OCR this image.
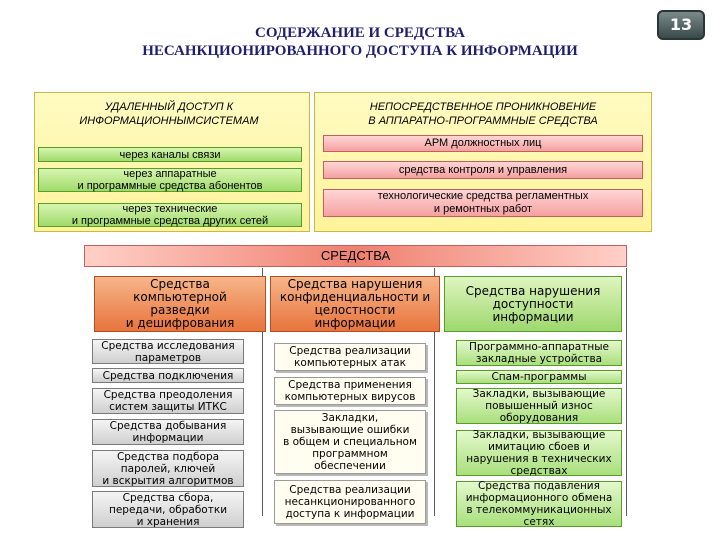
СОДЕРЖАНИЕ И СРЕДСТВА
НЕСАНКЦИОНИРОВАННОГО ДОСТУПА К ИНФОРМАЦИИ
13
УДАЛЕННЫЙ ДОСТУП К
ИНФОРМАЦИОННЫМСИСТЕМАМ
через каналы связи
через аппаратные
и программные средства абонентов
через технические
и программные средства других сетей
НЕПОСРЕДСТВЕННОЕ ПРОНИКНОВЕНИЕ
В АППАРАТНО-ПРОГРАММНЫЕ СРЕДСТВА
АРМ должностных лиц
средства контроля и управления
технологические средства регламентных
и ремонтных работ
СРЕДСТВА
Средства
компьютерной
разведки
и дешифрования
Средства исследования
параметров
Средства подключения
Средства преодоления
систем защиты ИТКС
Средства добывания
информации
Средства подбора
паролей, ключей
и вскрытия алгоритмов
Средства сбора,
передачи, обработки
и хранения
Средства нарушения
конфиденциальности и
целостности
информации
Средства реализации
компьютерных атак
Средства применения
компьютерных вирусов
Закладки,
вызывающие ошибки
в общем и специальном
программном
обеспечении
Средства реализации
несанкционированного
доступа к информации
Средства нарушения
доступности
информации
Программно-аппаратные
закладные устройства
Спам-программы
Закладки, вызывающие
повышенный износ
оборудования
Закладки, вызывающие
имитацию сбоев и
нарушения в технических
средствах
Средства подавления
информационного обмена
в телекоммуникационных
сетях
